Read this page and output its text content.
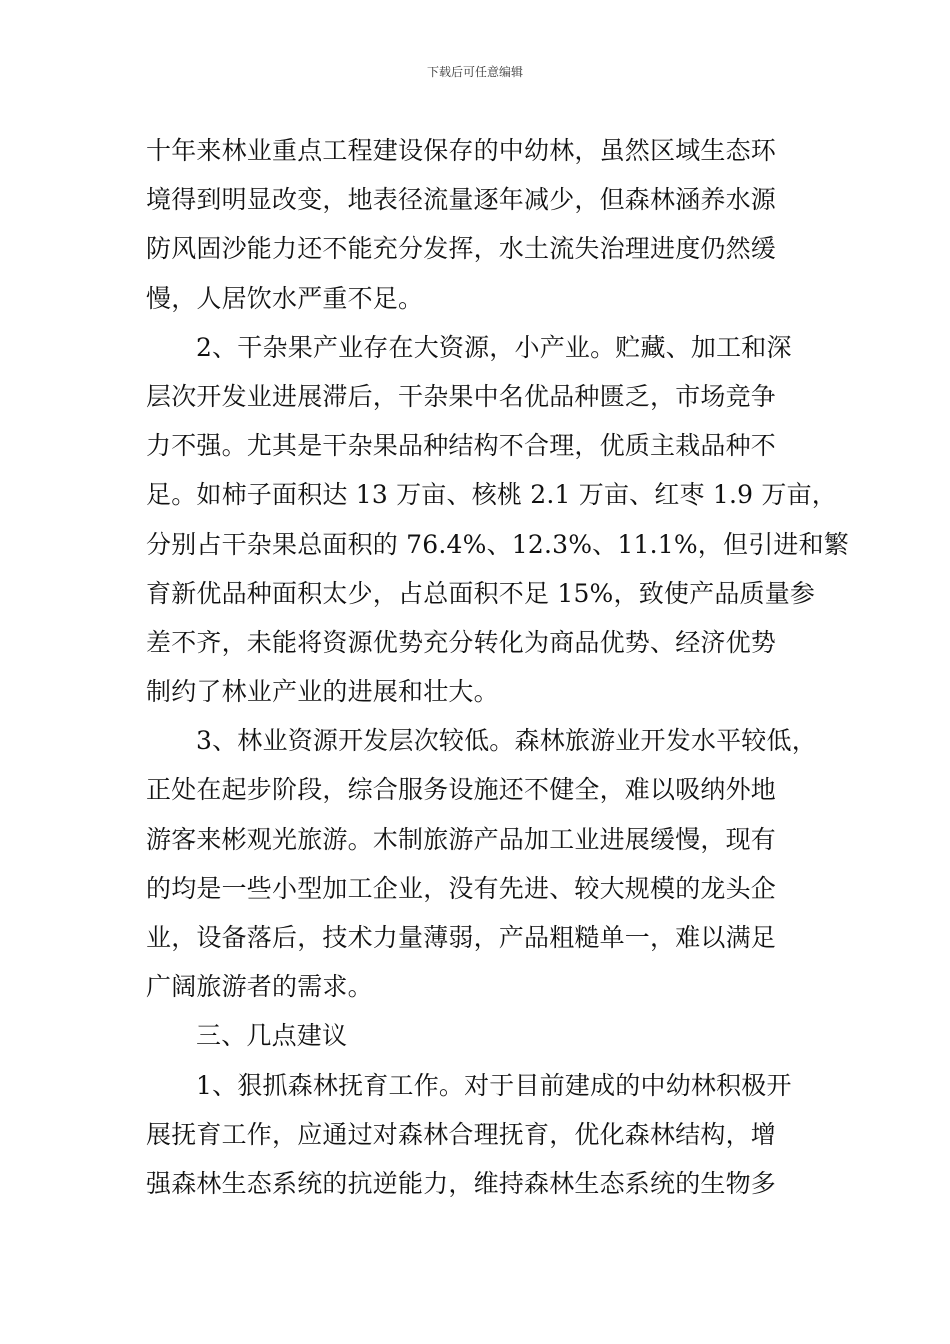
下载后可任意编辑
十年来林业重点工程建设保存的中幼林，虽然区域生态环
境得到明显改变，地表径流量逐年减少，但森林涵养水源
防风固沙能力还不能充分发挥，水土流失治理进度仍然缓
慢，人居饮水严重不足。
2、干杂果产业存在大资源，小产业。贮藏、加工和深
层次开发业进展滞后，干杂果中名优品种匮乏，市场竞争
力不强。尤其是干杂果品种结构不合理，优质主栽品种不
足。如柿子面积达 13 万亩、核桃 2.1 万亩、红枣 1.9 万亩，
分别占干杂果总面积的 76.4%、12.3%、11.1%，但引进和繁
育新优品种面积太少，占总面积不足 15%，致使产品质量参
差不齐，未能将资源优势充分转化为商品优势、经济优势
制约了林业产业的进展和壮大。
3、林业资源开发层次较低。森林旅游业开发水平较低，
正处在起步阶段，综合服务设施还不健全，难以吸纳外地
游客来彬观光旅游。木制旅游产品加工业进展缓慢，现有
的均是一些小型加工企业，没有先进、较大规模的龙头企
业，设备落后，技术力量薄弱，产品粗糙单一，难以满足
广阔旅游者的需求。
三、几点建议
1、狠抓森林抚育工作。对于目前建成的中幼林积极开
展抚育工作，应通过对森林合理抚育，优化森林结构，增
强森林生态系统的抗逆能力，维持森林生态系统的生物多
